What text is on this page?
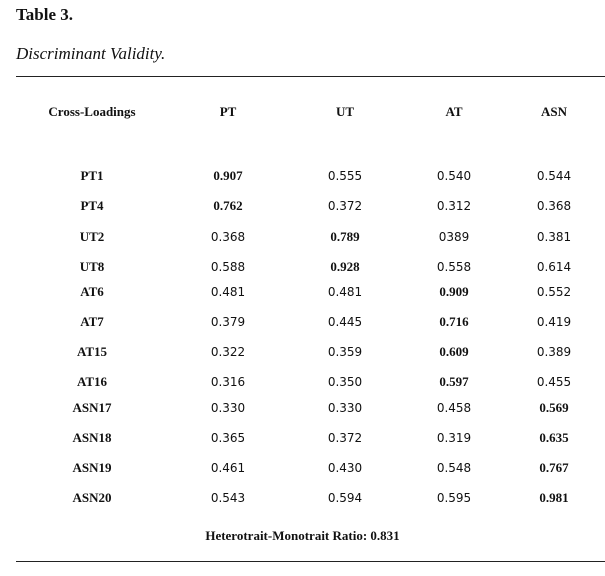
Table 3.
Discriminant Validity.
Cross-Loadings	PT	UT	AT	ASN
PT1	0.907	0.555	0.540	0.544
PT4	0.762	0.372	0.312	0.368
UT2	0.368	0.789	0389	0.381
UT8	0.588	0.928	0.558	0.614
AT6	0.481	0.481	0.909	0.552
AT7	0.379	0.445	0.716	0.419
AT15	0.322	0.359	0.609	0.389
AT16	0.316	0.350	0.597	0.455
ASN17	0.330	0.330	0.458	0.569
ASN18	0.365	0.372	0.319	0.635
ASN19	0.461	0.430	0.548	0.767
ASN20	0.543	0.594	0.595	0.981
Heterotrait-Monotrait Ratio: 0.831
